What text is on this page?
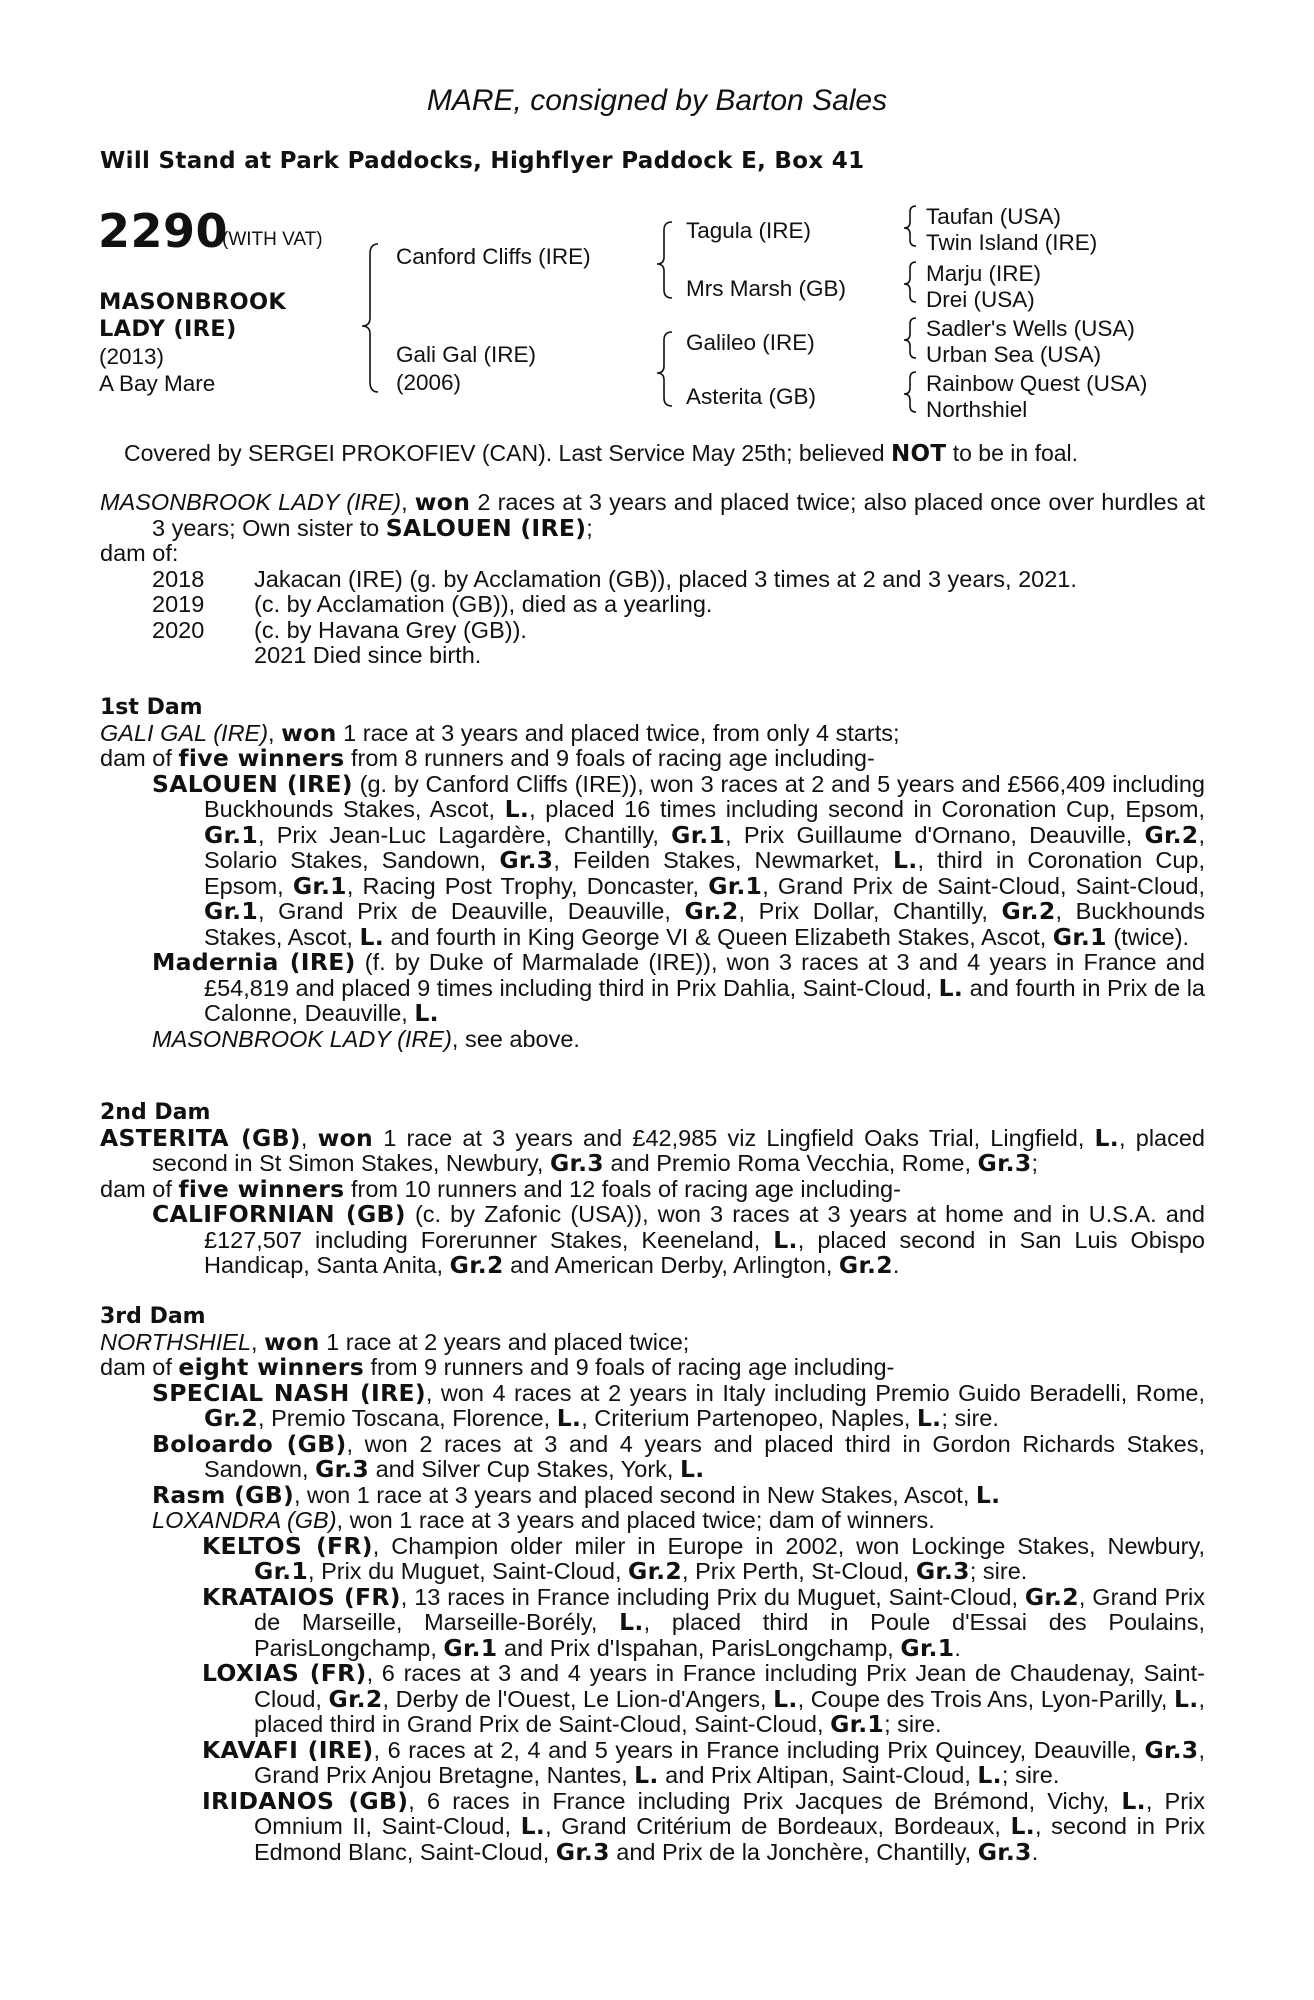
MARE, consigned by Barton Sales
Will Stand at Park Paddocks, Highflyer Paddock E, Box 41
2290
(WITH VAT)
MASONBROOK
LADY (IRE)
(2013)
A Bay Mare
Canford Cliffs (IRE)
Gali Gal (IRE)
(2006)
Tagula (IRE)
Mrs Marsh (GB)
Galileo (IRE)
Asterita (GB)
Taufan (USA)
Twin Island (IRE)
Marju (IRE)
Drei (USA)
Sadler's Wells (USA)
Urban Sea (USA)
Rainbow Quest (USA)
Northshiel
Covered by SERGEI PROKOFIEV (CAN). Last Service May 25th; believed NOT to be in foal.

MASONBROOK LADY (IRE), won 2 races at 3 years and placed twice; also placed once over hurdles at 3 years; Own sister to SALOUEN (IRE);

dam of:

2018	Jakacan (IRE) (g. by Acclamation (GB)), placed 3 times at 2 and 3 years, 2021.
2019	(c. by Acclamation (GB)), died as a yearling.
2020	(c. by Havana Grey (GB)).
2021 Died since birth.

1st Dam

GALI GAL (IRE), won 1 race at 3 years and placed twice, from only 4 starts;

dam of five winners from 8 runners and 9 foals of racing age including-

SALOUEN (IRE) (g. by Canford Cliffs (IRE)), won 3 races at 2 and 5 years and £566,409 including Buckhounds Stakes, Ascot, L., placed 16 times including second in Coronation Cup, Epsom, Gr.1, Prix Jean-Luc Lagardère, Chantilly, Gr.1, Prix Guillaume d'Ornano, Deauville, Gr.2, Solario Stakes, Sandown, Gr.3, Feilden Stakes, Newmarket, L., third in Coronation Cup, Epsom, Gr.1, Racing Post Trophy, Doncaster, Gr.1, Grand Prix de Saint-Cloud, Saint-Cloud, Gr.1, Grand Prix de Deauville, Deauville, Gr.2, Prix Dollar, Chantilly, Gr.2, Buckhounds Stakes, Ascot, L. and fourth in King George VI & Queen Elizabeth Stakes, Ascot, Gr.1 (twice).

Madernia (IRE) (f. by Duke of Marmalade (IRE)), won 3 races at 3 and 4 years in France and £54,819 and placed 9 times including third in Prix Dahlia, Saint-Cloud, L. and fourth in Prix de la Calonne, Deauville, L.

MASONBROOK LADY (IRE), see above.

2nd Dam

ASTERITA (GB), won 1 race at 3 years and £42,985 viz Lingfield Oaks Trial, Lingfield, L., placed second in St Simon Stakes, Newbury, Gr.3 and Premio Roma Vecchia, Rome, Gr.3;

dam of five winners from 10 runners and 12 foals of racing age including-

CALIFORNIAN (GB) (c. by Zafonic (USA)), won 3 races at 3 years at home and in U.S.A. and £127,507 including Forerunner Stakes, Keeneland, L., placed second in San Luis Obispo Handicap, Santa Anita, Gr.2 and American Derby, Arlington, Gr.2.

3rd Dam

NORTHSHIEL, won 1 race at 2 years and placed twice;

dam of eight winners from 9 runners and 9 foals of racing age including-

SPECIAL NASH (IRE), won 4 races at 2 years in Italy including Premio Guido Beradelli, Rome, Gr.2, Premio Toscana, Florence, L., Criterium Partenopeo, Naples, L.; sire.

Boloardo (GB), won 2 races at 3 and 4 years and placed third in Gordon Richards Stakes, Sandown, Gr.3 and Silver Cup Stakes, York, L.

Rasm (GB), won 1 race at 3 years and placed second in New Stakes, Ascot, L.

LOXANDRA (GB), won 1 race at 3 years and placed twice; dam of winners.

KELTOS (FR), Champion older miler in Europe in 2002, won Lockinge Stakes, Newbury, Gr.1, Prix du Muguet, Saint-Cloud, Gr.2, Prix Perth, St-Cloud, Gr.3; sire.

KRATAIOS (FR), 13 races in France including Prix du Muguet, Saint-Cloud, Gr.2, Grand Prix de Marseille, Marseille-Borély, L., placed third in Poule d'Essai des Poulains, ParisLongchamp, Gr.1 and Prix d'Ispahan, ParisLongchamp, Gr.1.

LOXIAS (FR), 6 races at 3 and 4 years in France including Prix Jean de Chaudenay, Saint-Cloud, Gr.2, Derby de l'Ouest, Le Lion-d'Angers, L., Coupe des Trois Ans, Lyon-Parilly, L., placed third in Grand Prix de Saint-Cloud, Saint-Cloud, Gr.1; sire.

KAVAFI (IRE), 6 races at 2, 4 and 5 years in France including Prix Quincey, Deauville, Gr.3, Grand Prix Anjou Bretagne, Nantes, L. and Prix Altipan, Saint-Cloud, L.; sire.

IRIDANOS (GB), 6 races in France including Prix Jacques de Brémond, Vichy, L., Prix Omnium II, Saint-Cloud, L., Grand Critérium de Bordeaux, Bordeaux, L., second in Prix Edmond Blanc, Saint-Cloud, Gr.3 and Prix de la Jonchère, Chantilly, Gr.3.
